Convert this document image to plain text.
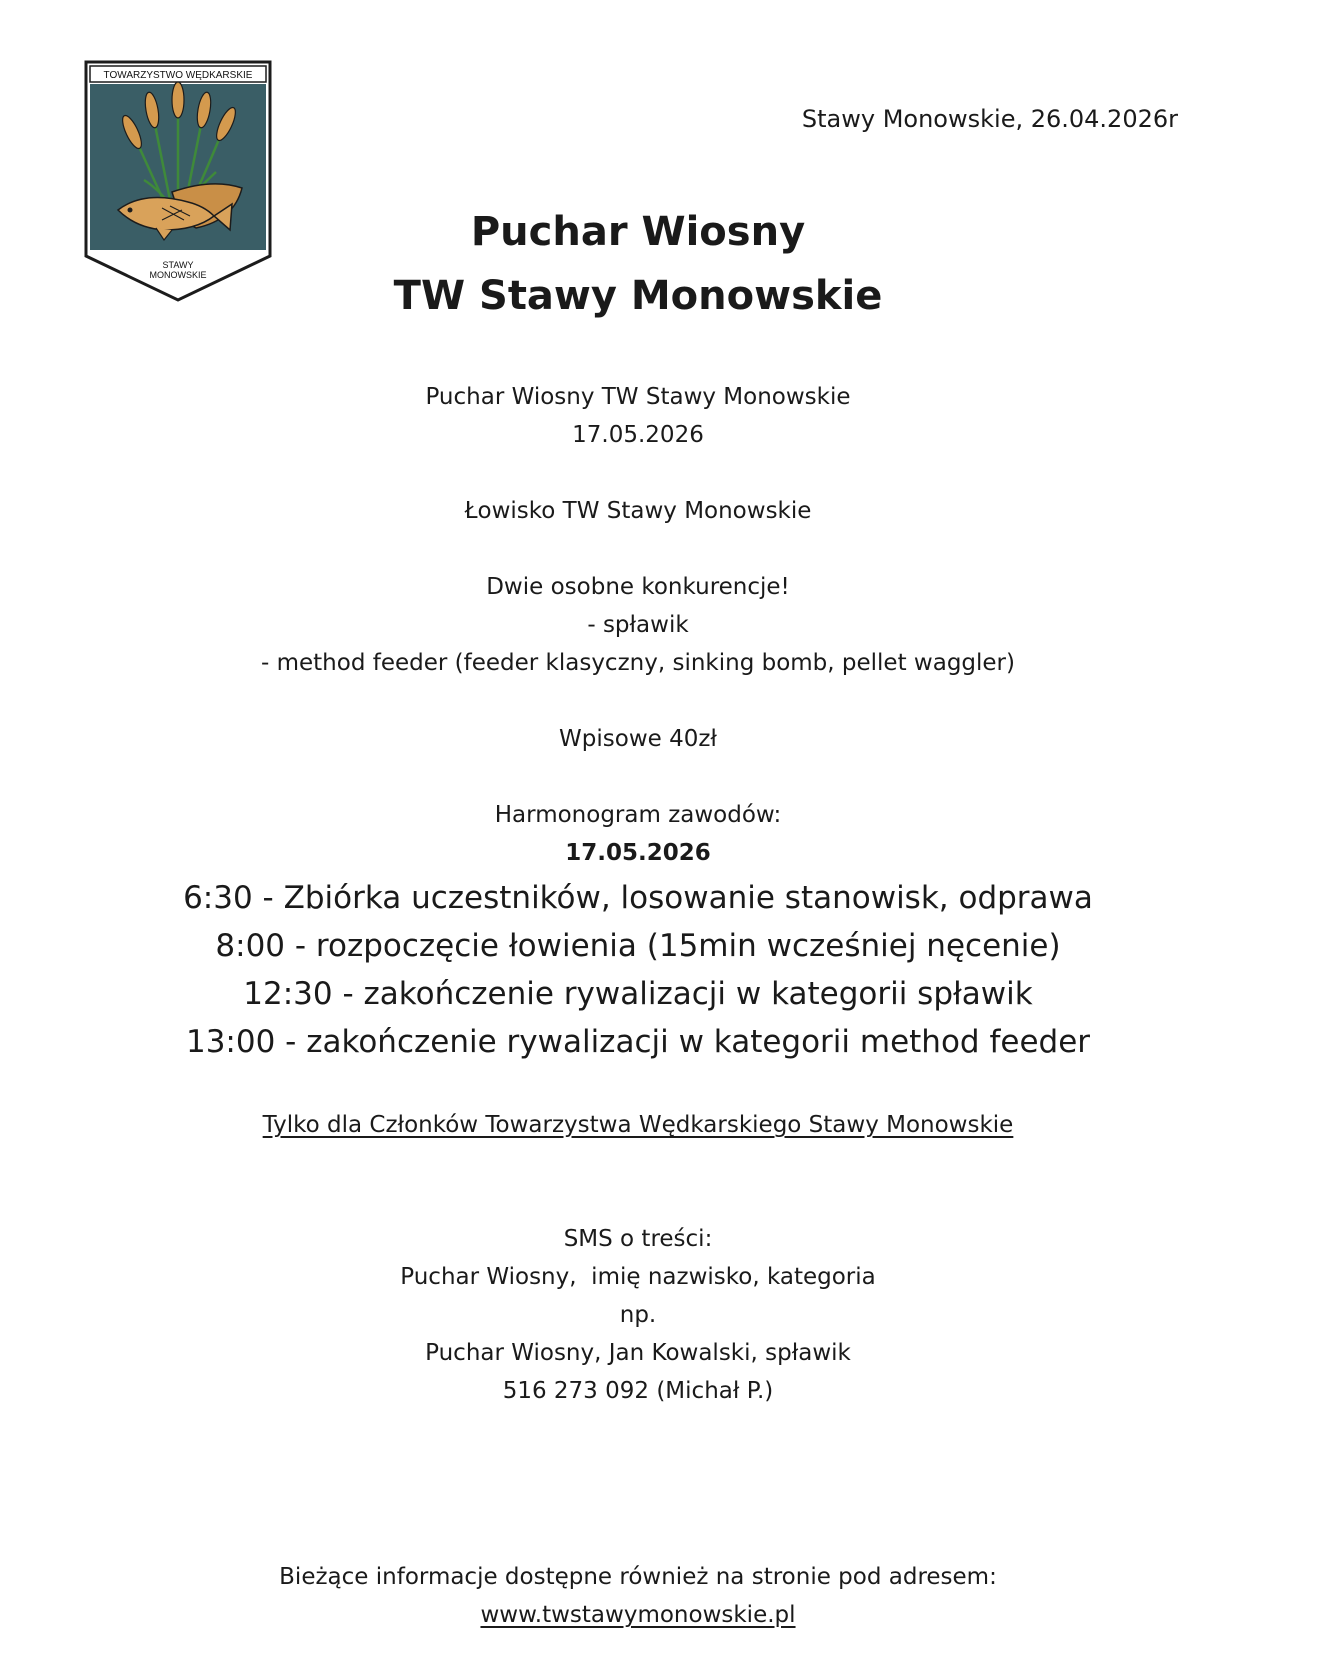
TOWARZYSTWO WĘDKARSKIE
STAWY
MONOWSKIE
Stawy Monowskie, 26.04.2026r
Puchar Wiosny
TW Stawy Monowskie
Puchar Wiosny TW Stawy Monowskie
17.05.2026
Łowisko TW Stawy Monowskie
Dwie osobne konkurencje!
- spławik
- method feeder (feeder klasyczny, sinking bomb, pellet waggler)
Wpisowe 40zł
Harmonogram zawodów:
17.05.2026
6:30 - Zbiórka uczestników, losowanie stanowisk, odprawa
8:00 - rozpoczęcie łowienia (15min wcześniej nęcenie)
12:30 - zakończenie rywalizacji w kategorii spławik
13:00 - zakończenie rywalizacji w kategorii method feeder
Tylko dla Członków Towarzystwa Wędkarskiego Stawy Monowskie
SMS o treści:
Puchar Wiosny,  imię nazwisko, kategoria
np.
Puchar Wiosny, Jan Kowalski, spławik
516 273 092 (Michał P.)
Bieżące informacje dostępne również na stronie pod adresem:
www.twstawymonowskie.pl
